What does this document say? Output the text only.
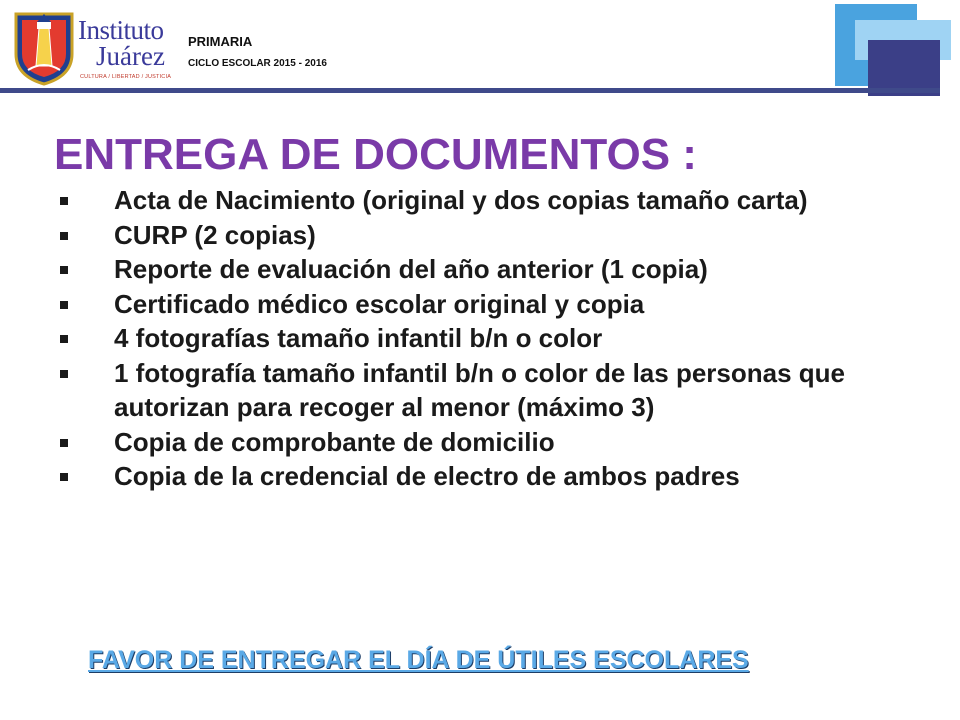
Instituto
Juárez
CULTURA / LIBERTAD / JUSTICIA
PRIMARIA
CICLO ESCOLAR 2015 - 2016
ENTREGA DE DOCUMENTOS :
Acta de Nacimiento (original y dos copias tamaño carta)
CURP (2 copias)
Reporte de evaluación del año anterior (1 copia)
Certificado médico escolar original y copia
4 fotografías tamaño infantil b/n o color
1 fotografía tamaño infantil b/n o color de las personas que autorizan para recoger al menor (máximo 3)
Copia de comprobante de domicilio
Copia de la credencial de electro de ambos padres
FAVOR DE ENTREGAR EL DÍA DE ÚTILES ESCOLARES
